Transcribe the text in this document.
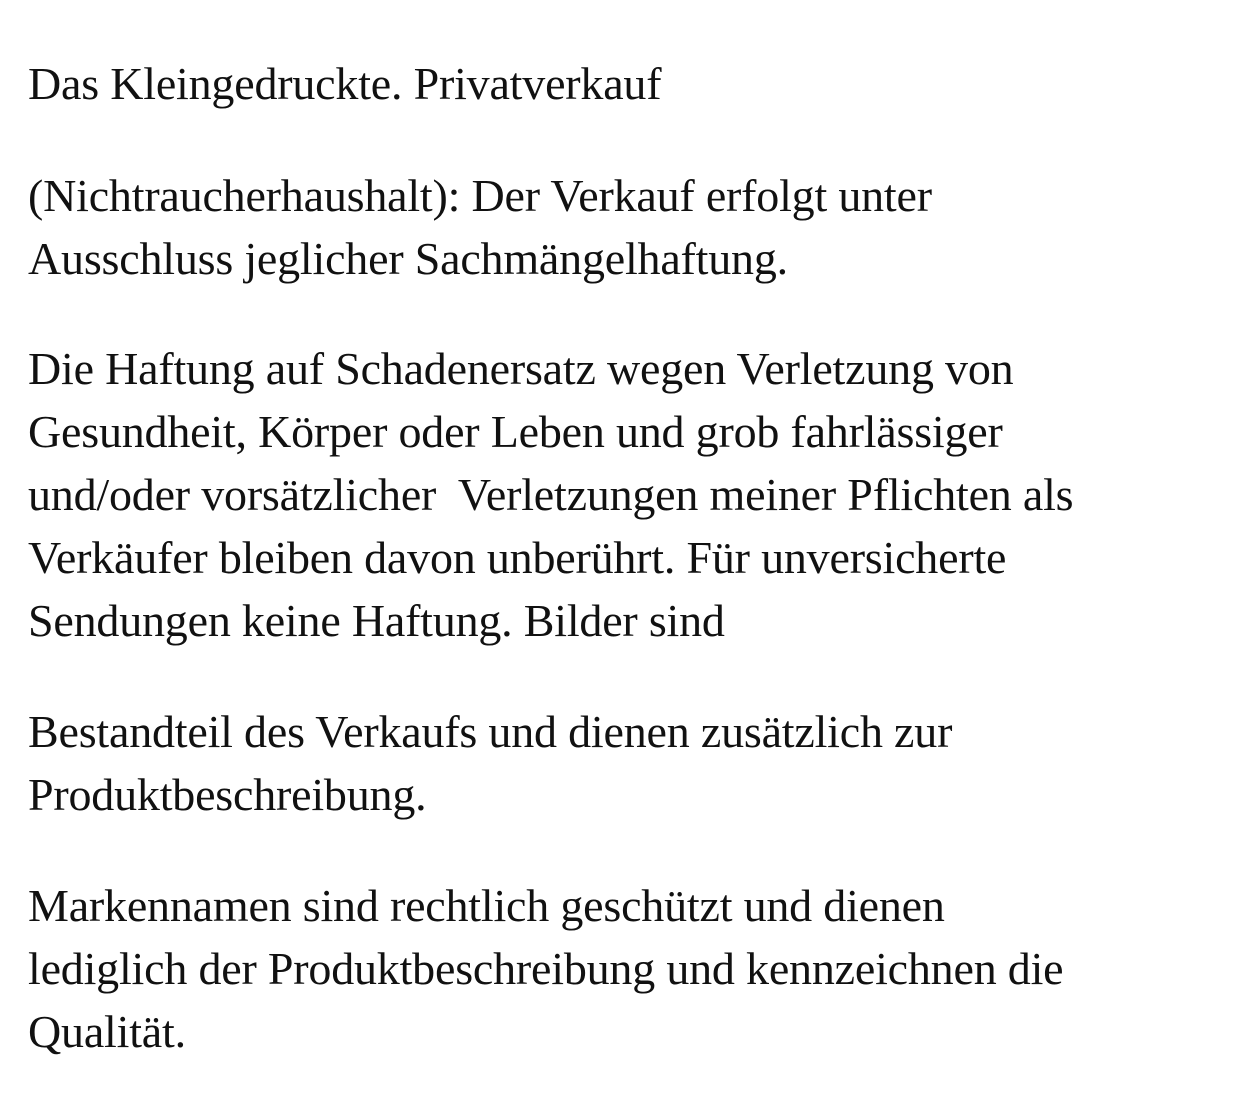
Das Kleingedruckte. Privatverkauf

(Nichtraucherhaushalt): Der Verkauf erfolgt unter

Ausschluss jeglicher Sachmängelhaftung.

Die Haftung auf Schadenersatz wegen Verletzung von

Gesundheit, Körper oder Leben und grob fahrlässiger

und/oder vorsätzlicher  Verletzungen meiner Pflichten als

Verkäufer bleiben davon unberührt. Für unversicherte

Sendungen keine Haftung. Bilder sind

Bestandteil des Verkaufs und dienen zusätzlich zur

Produktbeschreibung.

Markennamen sind rechtlich geschützt und dienen

lediglich der Produktbeschreibung und kennzeichnen die

Qualität.
